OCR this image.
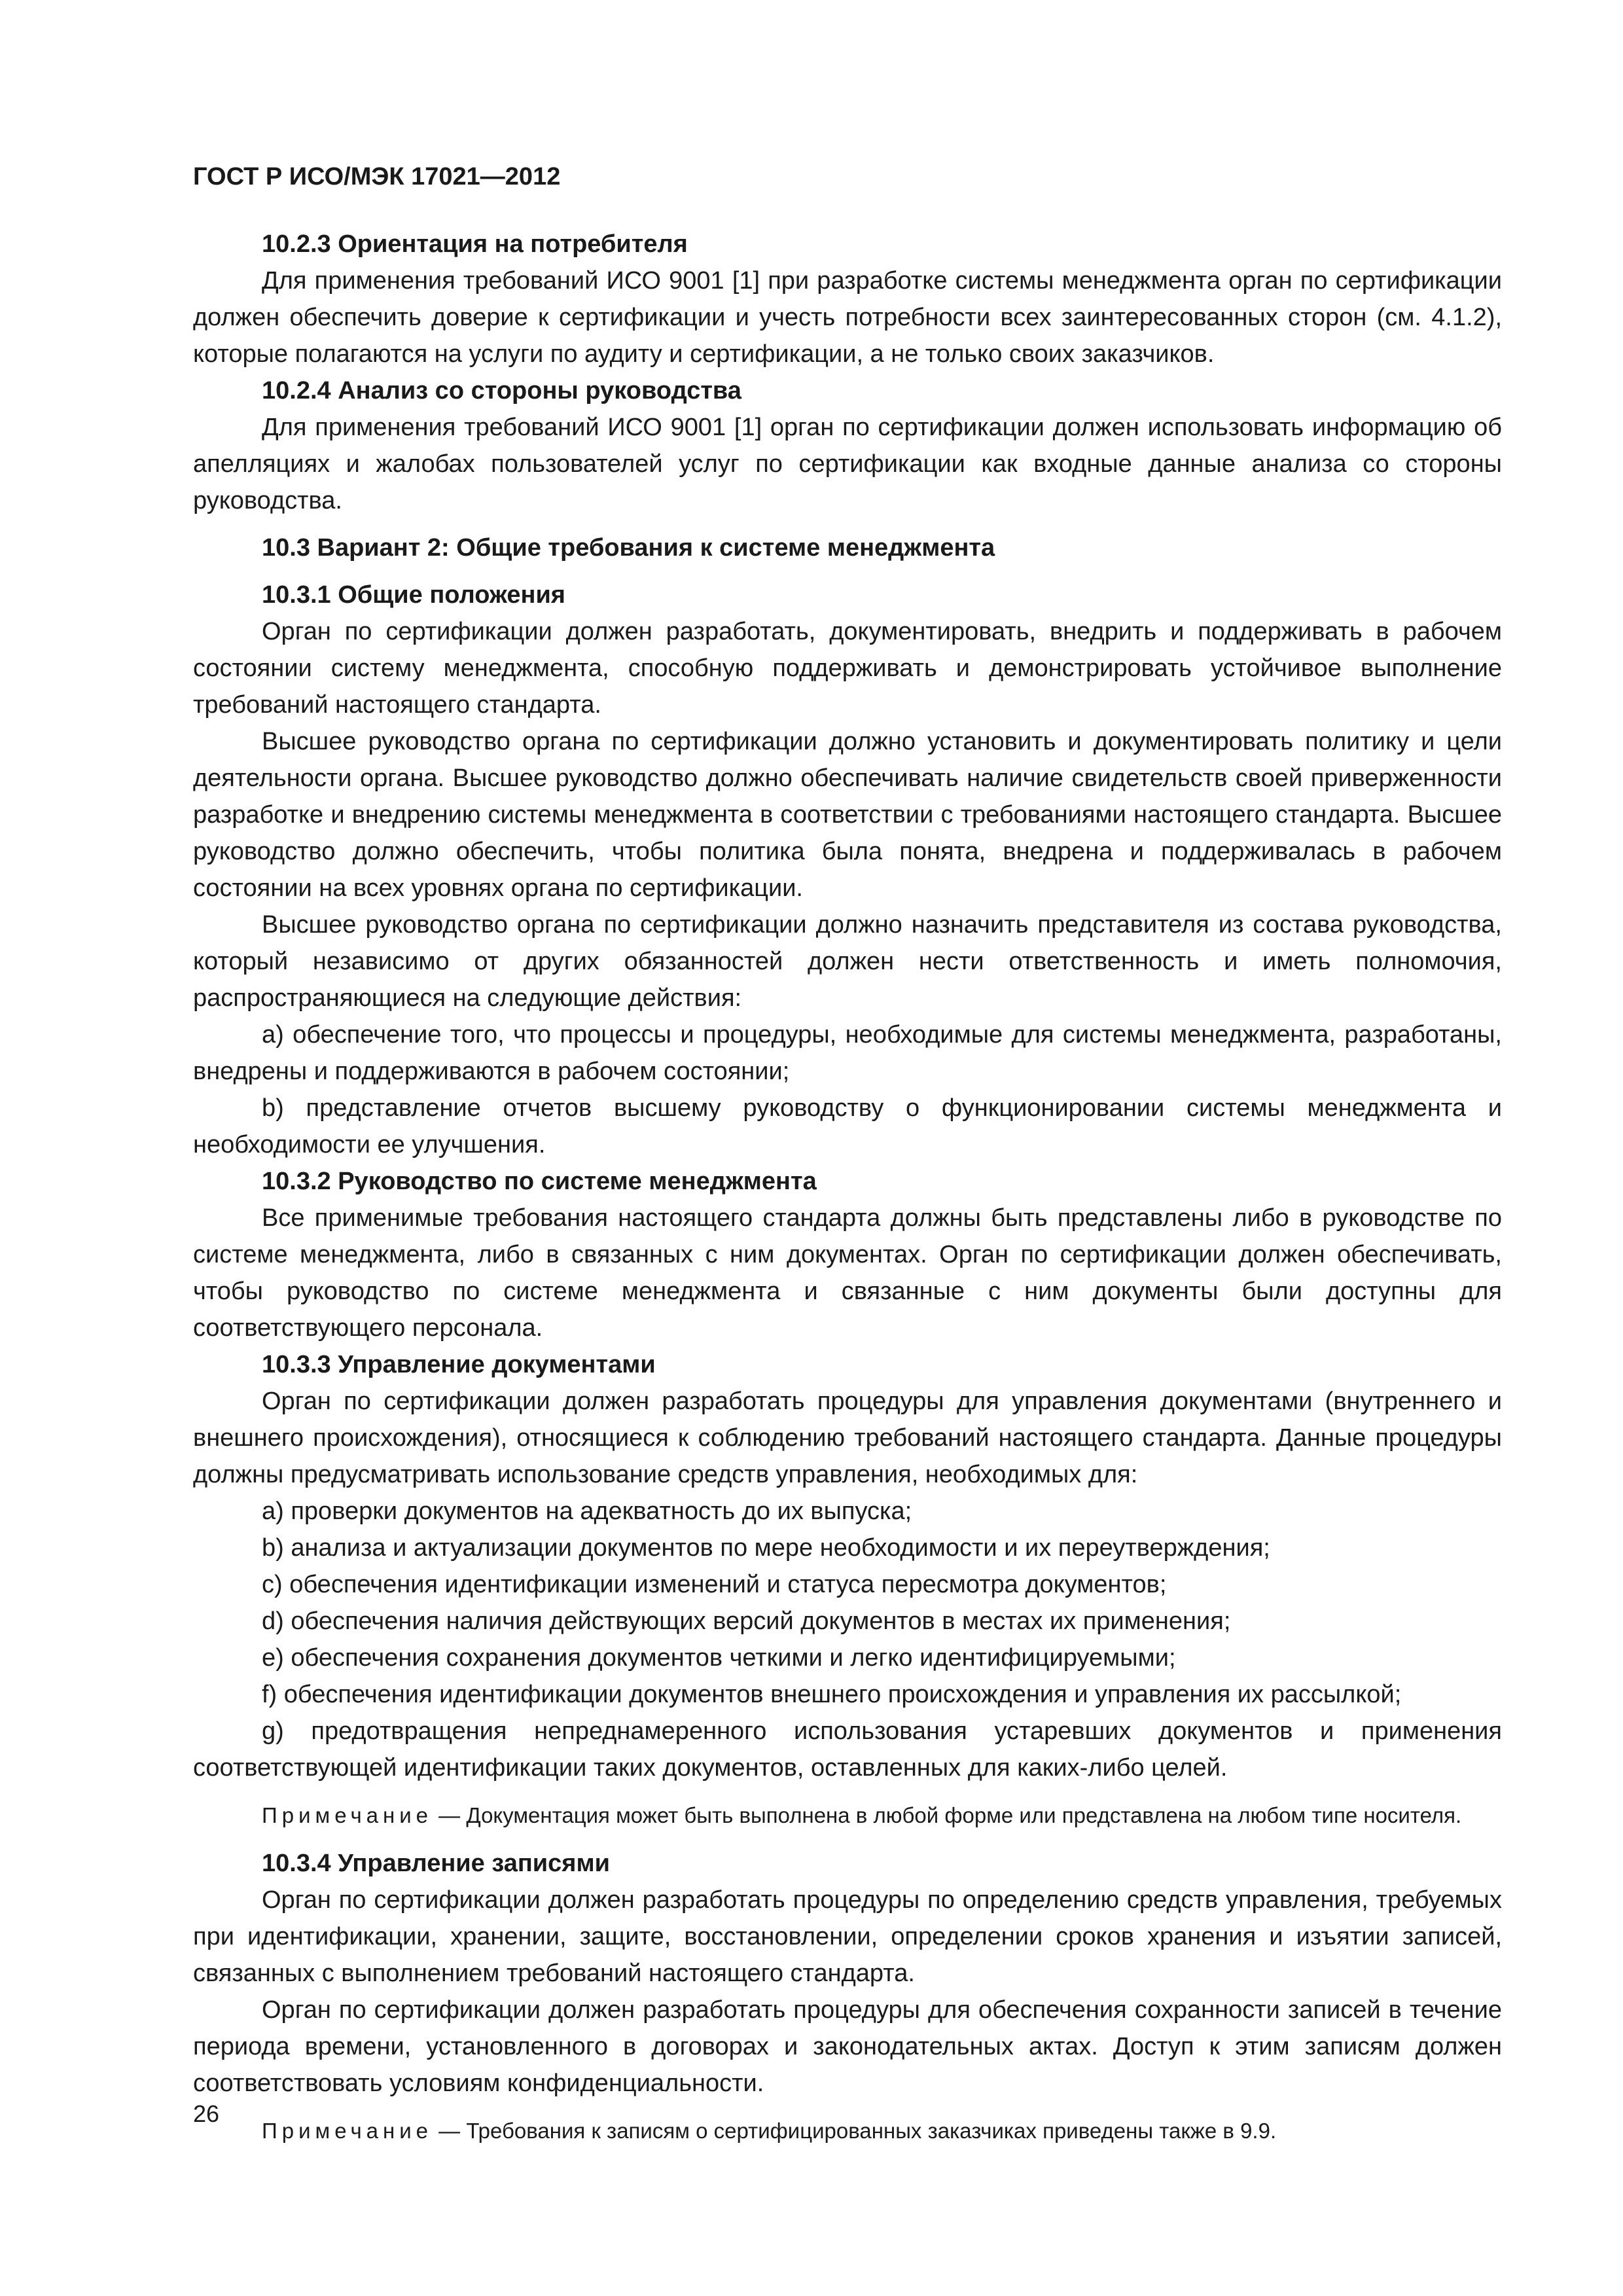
ГОСТ Р ИСО/МЭК 17021—2012

10.2.3 Ориентация на потребителя

Для применения требований ИСО 9001 [1] при разработке системы менеджмента орган по сертификации должен обеспечить доверие к сертификации и учесть потребности всех заинтересованных сторон (см. 4.1.2), которые полагаются на услуги по аудиту и сертификации, а не только своих заказчиков.

10.2.4 Анализ со стороны руководства

Для применения требований ИСО 9001 [1] орган по сертификации должен использовать информацию об апелляциях и жалобах пользователей услуг по сертификации как входные данные анализа со стороны руководства.

10.3 Вариант 2: Общие требования к системе менеджмента

10.3.1 Общие положения

Орган по сертификации должен разработать, документировать, внедрить и поддерживать в рабочем состоянии систему менеджмента, способную поддерживать и демонстрировать устойчивое выполнение требований настоящего стандарта.

Высшее руководство органа по сертификации должно установить и документировать политику и цели деятельности органа. Высшее руководство должно обеспечивать наличие свидетельств своей приверженности разработке и внедрению системы менеджмента в соответствии с требованиями настоящего стандарта. Высшее руководство должно обеспечить, чтобы политика была понята, внедрена и поддерживалась в рабочем состоянии на всех уровнях органа по сертификации.

Высшее руководство органа по сертификации должно назначить представителя из состава руководства, который независимо от других обязанностей должен нести ответственность и иметь полномочия, распространяющиеся на следующие действия:

a) обеспечение того, что процессы и процедуры, необходимые для системы менеджмента, разработаны, внедрены и поддерживаются в рабочем состоянии;

b) представление отчетов высшему руководству о функционировании системы менеджмента и необходимости ее улучшения.

10.3.2 Руководство по системе менеджмента

Все применимые требования настоящего стандарта должны быть представлены либо в руководстве по системе менеджмента, либо в связанных с ним документах. Орган по сертификации должен обеспечивать, чтобы руководство по системе менеджмента и связанные с ним документы были доступны для соответствующего персонала.

10.3.3 Управление документами

Орган по сертификации должен разработать процедуры для управления документами (внутреннего и внешнего происхождения), относящиеся к соблюдению требований настоящего стандарта. Данные процедуры должны предусматривать использование средств управления, необходимых для:

a) проверки документов на адекватность до их выпуска;

b) анализа и актуализации документов по мере необходимости и их переутверждения;

c) обеспечения идентификации изменений и статуса пересмотра документов;

d) обеспечения наличия действующих версий документов в местах их применения;

e) обеспечения сохранения документов четкими и легко идентифицируемыми;

f) обеспечения идентификации документов внешнего происхождения и управления их рассылкой;

g) предотвращения непреднамеренного использования устаревших документов и применения соответствующей идентификации таких документов, оставленных для каких-либо целей.

Примечание — Документация может быть выполнена в любой форме или представлена на любом типе носителя.

10.3.4 Управление записями

Орган по сертификации должен разработать процедуры по определению средств управления, требуемых при идентификации, хранении, защите, восстановлении, определении сроков хранения и изъятии записей, связанных с выполнением требований настоящего стандарта.

Орган по сертификации должен разработать процедуры для обеспечения сохранности записей в течение периода времени, установленного в договорах и законодательных актах. Доступ к этим записям должен соответствовать условиям конфиденциальности.

Примечание — Требования к записям о сертифицированных заказчиках приведены также в 9.9.

26
